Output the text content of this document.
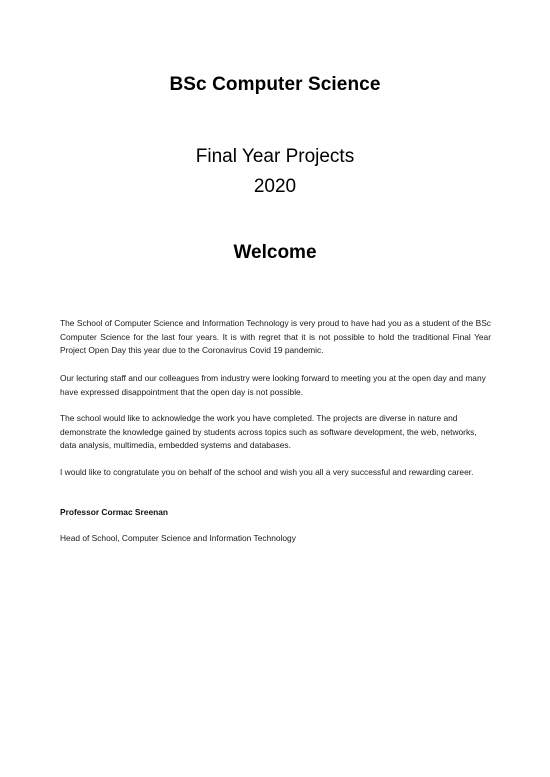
BSc Computer Science
Final Year Projects
2020
Welcome

The School of Computer Science and Information Technology is very proud to have had you as a student of the BSc Computer Science for the last four years. It is with regret that it is not possible to hold the traditional Final Year Project Open Day this year due to the Coronavirus Covid 19 pandemic.

Our lecturing staff and our colleagues from industry were looking forward to meeting you at the open day and many have expressed disappointment that the open day is not possible.

The school would like to acknowledge the work you have completed. The projects are diverse in nature and demonstrate the knowledge gained by students across topics such as software development, the web, networks, data analysis, multimedia, embedded systems and databases.

I would like to congratulate you on behalf of the school and wish you all a very successful and rewarding career.

Professor Cormac Sreenan

Head of School, Computer Science and Information Technology
